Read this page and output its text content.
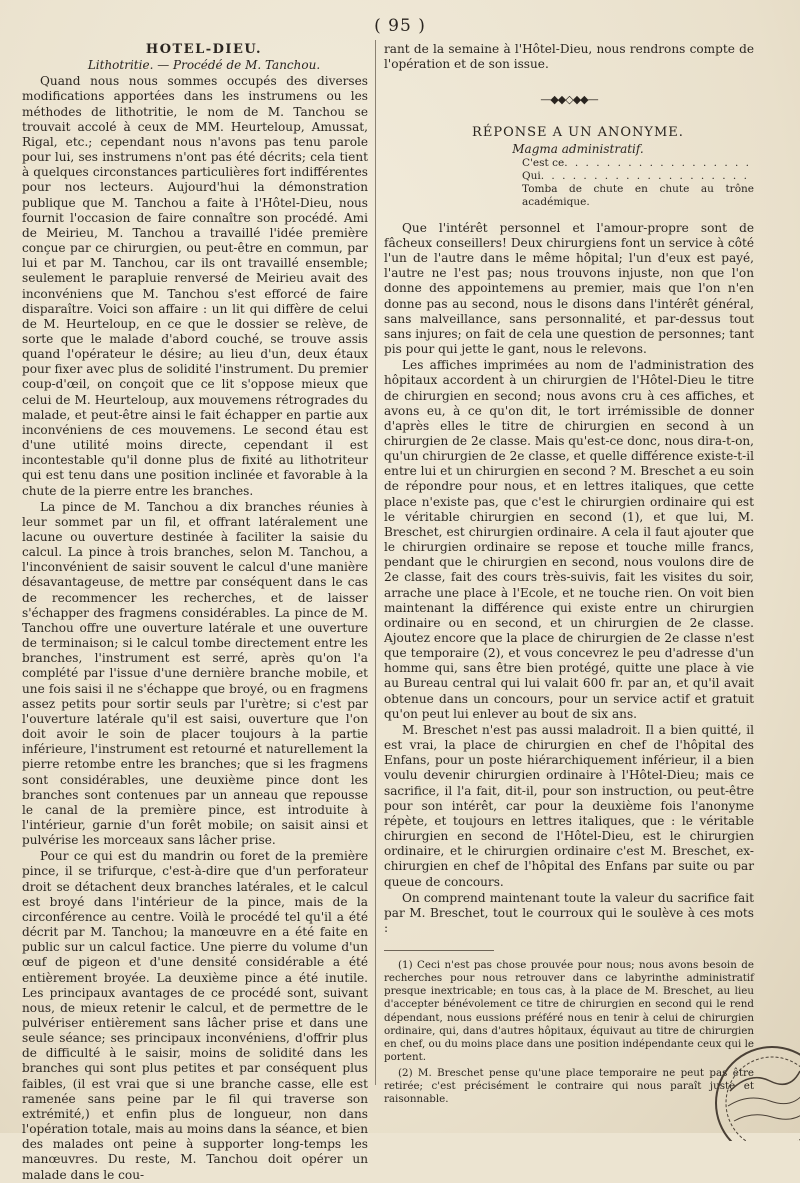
( 95 )

HOTEL-DIEU.

Lithotritie. — Procédé de M. Tanchou.

Quand nous nous sommes occupés des diverses modifications apportées dans les instrumens ou les méthodes de lithotritie, le nom de M. Tanchou se trouvait accolé à ceux de MM. Heurteloup, Amussat, Rigal, etc.; cependant nous n'avons pas tenu parole pour lui, ses instrumens n'ont pas été décrits; cela tient à quelques circonstances particulières fort indifférentes pour nos lecteurs. Aujourd'hui la démonstration publique que M. Tanchou a faite à l'Hôtel-Dieu, nous fournit l'occasion de faire connaître son procédé. Ami de Meirieu, M. Tanchou a travaillé l'idée première conçue par ce chirurgien, ou peut-être en commun, par lui et par M. Tanchou, car ils ont travaillé ensemble; seulement le parapluie renversé de Meirieu avait des inconvéniens que M. Tanchou s'est efforcé de faire disparaître. Voici son affaire : un lit qui diffère de celui de M. Heurteloup, en ce que le dossier se relève, de sorte que le malade d'abord couché, se trouve assis quand l'opérateur le désire; au lieu d'un, deux étaux pour fixer avec plus de solidité l'instrument. Du premier coup-d'œil, on conçoit que ce lit s'oppose mieux que celui de M. Heurteloup, aux mouvemens rétrogrades du malade, et peut-être ainsi le fait échapper en partie aux inconvéniens de ces mouvemens. Le second étau est d'une utilité moins directe, cependant il est incontestable qu'il donne plus de fixité au lithotriteur qui est tenu dans une position inclinée et favorable à la chute de la pierre entre les branches.

La pince de M. Tanchou a dix branches réunies à leur sommet par un fil, et offrant latéralement une lacune ou ouverture destinée à faciliter la saisie du calcul. La pince à trois branches, selon M. Tanchou, a l'inconvénient de saisir souvent le calcul d'une manière désavantageuse, de mettre par conséquent dans le cas de recommencer les recherches, et de laisser s'échapper des fragmens considérables. La pince de M. Tanchou offre une ouverture latérale et une ouverture de terminaison; si le calcul tombe directement entre les branches, l'instrument est serré, après qu'on l'a complété par l'issue d'une dernière branche mobile, et une fois saisi il ne s'échappe que broyé, ou en fragmens assez petits pour sortir seuls par l'urètre; si c'est par l'ouverture latérale qu'il est saisi, ouverture que l'on doit avoir le soin de placer toujours à la partie inférieure, l'instrument est retourné et naturellement la pierre retombe entre les branches; que si les fragmens sont considérables, une deuxième pince dont les branches sont contenues par un anneau que repousse le canal de la première pince, est introduite à l'intérieur, garnie d'un forêt mobile; on saisit ainsi et pulvérise les morceaux sans lâcher prise.

Pour ce qui est du mandrin ou foret de la première pince, il se trifurque, c'est-à-dire que d'un perforateur droit se détachent deux branches latérales, et le calcul est broyé dans l'intérieur de la pince, mais de la circonférence au centre. Voilà le procédé tel qu'il a été décrit par M. Tanchou; la manœuvre en a été faite en public sur un calcul factice. Une pierre du volume d'un œuf de pigeon et d'une densité considérable a été entièrement broyée. La deuxième pince a été inutile. Les principaux avantages de ce procédé sont, suivant nous, de mieux retenir le calcul, et de permettre de le pulvériser entièrement sans lâcher prise et dans une seule séance; ses principaux inconvéniens, d'offrir plus de difficulté à le saisir, moins de solidité dans les branches qui sont plus petites et par conséquent plus faibles, (il est vrai que si une branche casse, elle est ramenée sans peine par le fil qui traverse son extrémité,) et enfin plus de longueur, non dans l'opération totale, mais au moins dans la séance, et bien des malades ont peine à supporter long-temps les manœuvres. Du reste, M. Tanchou doit opérer un malade dans le cou-

rant de la semaine à l'Hôtel-Dieu, nous rendrons compte de l'opération et de son issue.

—◆◆◇◆◆—

RÉPONSE A UN ANONYME.

Magma administratif.

C'est ce
. . .
Qui
. . .
Tomba de chute en chute au trône académique.

Que l'intérêt personnel et l'amour-propre sont de fâcheux conseillers! Deux chirurgiens font un service à côté l'un de l'autre dans le même hôpital; l'un d'eux est payé, l'autre ne l'est pas; nous trouvons injuste, non que l'on donne des appointemens au premier, mais que l'on n'en donne pas au second, nous le disons dans l'intérêt général, sans malveillance, sans personnalité, et par-dessus tout sans injures; on fait de cela une question de personnes; tant pis pour qui jette le gant, nous le relevons.

Les affiches imprimées au nom de l'administration des hôpitaux accordent à un chirurgien de l'Hôtel-Dieu le titre de chirurgien en second; nous avons cru à ces affiches, et avons eu, à ce qu'on dit, le tort irrémissible de donner d'après elles le titre de chirurgien en second à un chirurgien de 2e classe. Mais qu'est-ce donc, nous dira-t-on, qu'un chirurgien de 2e classe, et quelle différence existe-t-il entre lui et un chirurgien en second ? M. Breschet a eu soin de répondre pour nous, et en lettres italiques, que cette place n'existe pas, que c'est le chirurgien ordinaire qui est le véritable chirurgien en second (1), et que lui, M. Breschet, est chirurgien ordinaire. A cela il faut ajouter que le chirurgien ordinaire se repose et touche mille francs, pendant que le chirurgien en second, nous voulons dire de 2e classe, fait des cours très-suivis, fait les visites du soir, arrache une place à l'Ecole, et ne touche rien. On voit bien maintenant la différence qui existe entre un chirurgien ordinaire ou en second, et un chirurgien de 2e classe. Ajoutez encore que la place de chirurgien de 2e classe n'est que temporaire (2), et vous concevrez le peu d'adresse d'un homme qui, sans être bien protégé, quitte une place à vie au Bureau central qui lui valait 600 fr. par an, et qu'il avait obtenue dans un concours, pour un service actif et gratuit qu'on peut lui enlever au bout de six ans.

M. Breschet n'est pas aussi maladroit. Il a bien quitté, il est vrai, la place de chirurgien en chef de l'hôpital des Enfans, pour un poste hiérarchiquement inférieur, il a bien voulu devenir chirurgien ordinaire à l'Hôtel-Dieu; mais ce sacrifice, il l'a fait, dit-il, pour son instruction, ou peut-être pour son intérêt, car pour la deuxième fois l'anonyme répète, et toujours en lettres italiques, que : le véritable chirurgien en second de l'Hôtel-Dieu, est le chirurgien ordinaire, et le chirurgien ordinaire c'est M. Breschet, ex-chirurgien en chef de l'hôpital des Enfans par suite ou par queue de concours.

On comprend maintenant toute la valeur du sacrifice fait par M. Breschet, tout le courroux qui le soulève à ces mots :

(1) Ceci n'est pas chose prouvée pour nous; nous avons besoin de recherches pour nous retrouver dans ce labyrinthe administratif presque inextricable; en tous cas, à la place de M. Breschet, au lieu d'accepter bénévolement ce titre de chirurgien en second qui le rend dépendant, nous eussions préféré nous en tenir à celui de chirurgien ordinaire, qui, dans d'autres hôpitaux, équivaut au titre de chirurgien en chef, ou du moins place dans une position indépendante ceux qui le portent.

(2) M. Breschet pense qu'une place temporaire ne peut pas être retirée; c'est précisément le contraire qui nous paraît juste et raisonnable.
